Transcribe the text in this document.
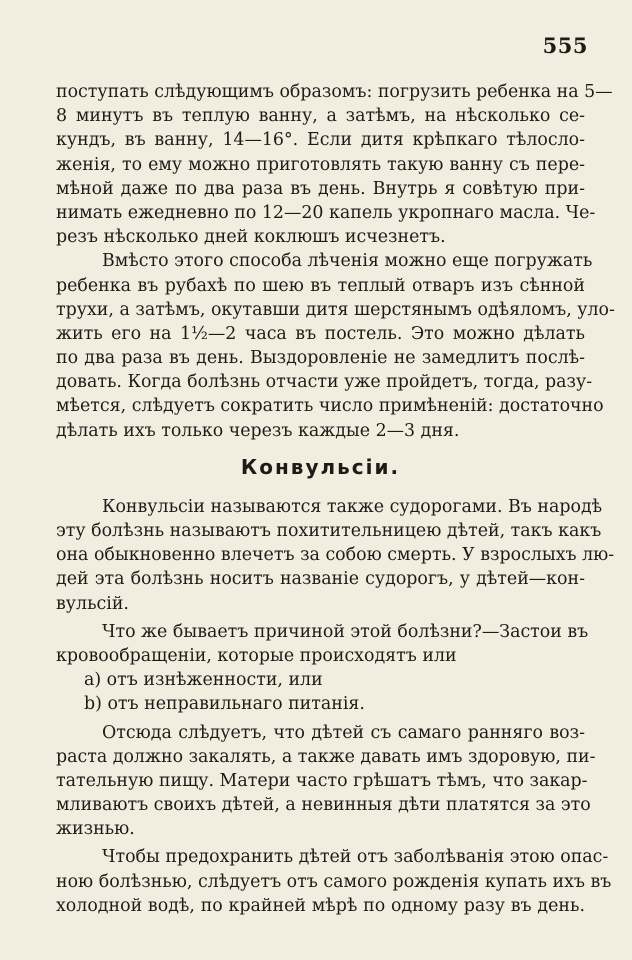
555
поступать слѣдующимъ образомъ: погрузить ребенка на 5—
8 минутъ въ теплую ванну, а затѣмъ, на нѣсколько се-
кундъ, въ ванну, 14—16°. Если дитя крѣпкаго тѣлосло-
женія, то ему можно приготовлять такую ванну съ пере-
мѣной даже по два раза въ день. Внутрь я совѣтую при-
нимать ежедневно по 12—20 капель укропнаго масла. Че-
резъ нѣсколько дней коклюшъ исчезнетъ.
Вмѣсто этого способа лѣченія можно еще погружать
ребенка въ рубахѣ по шею въ теплый отваръ изъ сѣнной
трухи, а затѣмъ, окутавши дитя шерстянымъ одѣяломъ, уло-
жить его на 1½—2 часа въ постель. Это можно дѣлать
по два раза въ день. Выздоровленіе не замедлитъ послѣ-
довать. Когда болѣзнь отчасти уже пройдетъ, тогда, разу-
мѣется, слѣдуетъ сократить число примѣненій: достаточно
дѣлать ихъ только черезъ каждые 2—3 дня.
Конвульсіи.
Конвульсіи называются также судорогами. Въ народѣ
эту болѣзнь называютъ похитительницею дѣтей, такъ какъ
она обыкновенно влечетъ за собою смерть. У взрослыхъ лю-
дей эта болѣзнь носитъ названіе судорогъ, у дѣтей—кон-
вульсій.
Что же бываетъ причиной этой болѣзни?—Застои въ
кровообращеніи, которые происходятъ или
a) отъ изнѣженности, или
b) отъ неправильнаго питанія.
Отсюда слѣдуетъ, что дѣтей съ самаго ранняго воз-
раста должно закалять, а также давать имъ здоровую, пи-
тательную пищу. Матери часто грѣшатъ тѣмъ, что закар-
мливаютъ своихъ дѣтей, а невинныя дѣти платятся за это
жизнью.
Чтобы предохранить дѣтей отъ заболѣванія этою опас-
ною болѣзнью, слѣдуетъ отъ самого рожденія купать ихъ въ
холодной водѣ, по крайней мѣрѣ по одному разу въ день.
